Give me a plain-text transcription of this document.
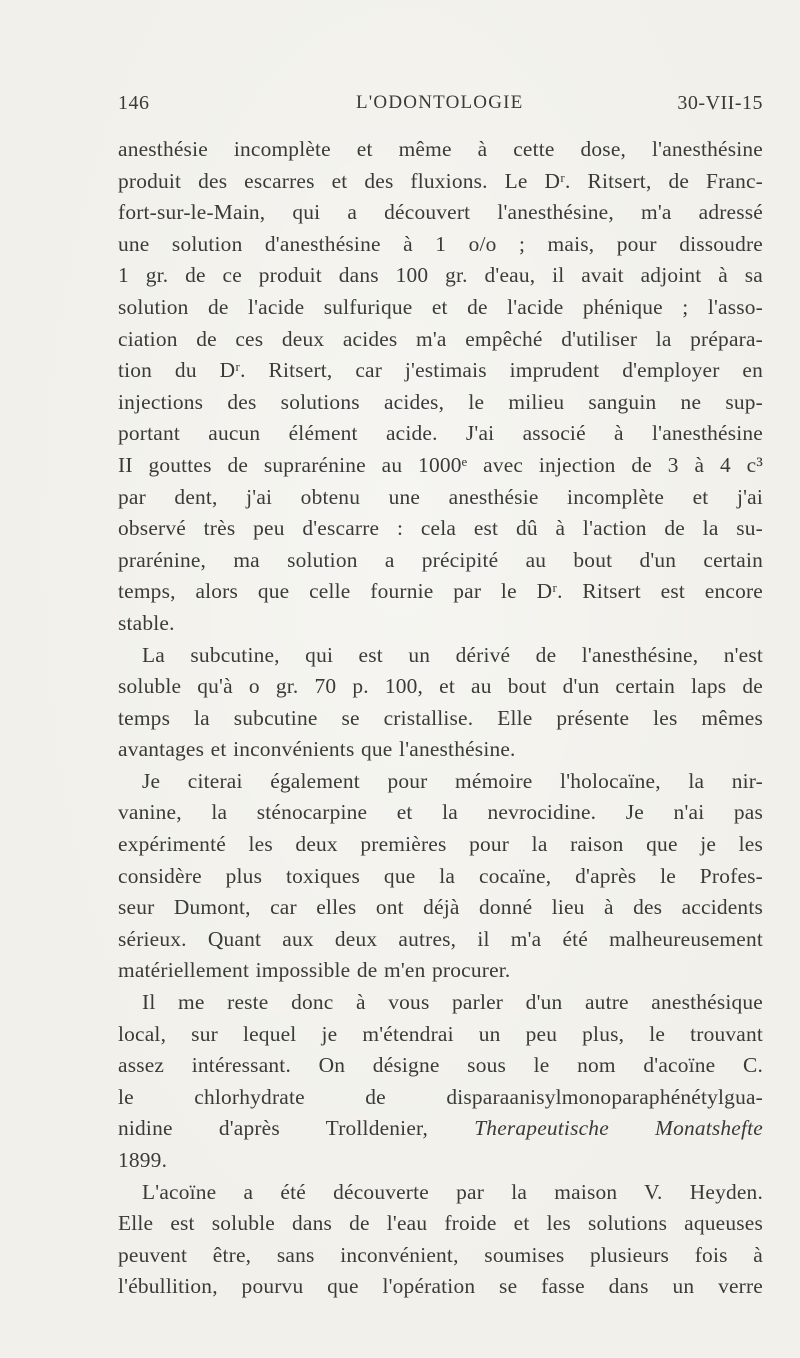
146	L'ODONTOLOGIE	30-VII-15
anesthésie incomplète et même à cette dose, l'anesthésine
produit des escarres et des fluxions. Le Dʳ. Ritsert, de Franc-
fort-sur-le-Main, qui a découvert l'anesthésine, m'a adressé
une solution d'anesthésine à 1 o/o ; mais, pour dissoudre
1 gr. de ce produit dans 100 gr. d'eau, il avait adjoint à sa
solution de l'acide sulfurique et de l'acide phénique ; l'asso-
ciation de ces deux acides m'a empêché d'utiliser la prépara-
tion du Dʳ. Ritsert, car j'estimais imprudent d'employer en
injections des solutions acides, le milieu sanguin ne sup-
portant aucun élément acide. J'ai associé à l'anesthésine
II gouttes de suprarénine au 1000ᵉ avec injection de 3 à 4 c³
par dent, j'ai obtenu une anesthésie incomplète et j'ai
observé très peu d'escarre : cela est dû à l'action de la su-
prarénine, ma solution a précipité au bout d'un certain
temps, alors que celle fournie par le Dʳ. Ritsert est encore
stable.
La subcutine, qui est un dérivé de l'anesthésine, n'est
soluble qu'à o gr. 70 p. 100, et au bout d'un certain laps de
temps la subcutine se cristallise. Elle présente les mêmes
avantages et inconvénients que l'anesthésine.
Je citerai également pour mémoire l'holocaïne, la nir-
vanine, la sténocarpine et la nevrocidine. Je n'ai pas
expérimenté les deux premières pour la raison que je les
considère plus toxiques que la cocaïne, d'après le Profes-
seur Dumont, car elles ont déjà donné lieu à des accidents
sérieux. Quant aux deux autres, il m'a été malheureusement
matériellement impossible de m'en procurer.
Il me reste donc à vous parler d'un autre anesthésique
local, sur lequel je m'étendrai un peu plus, le trouvant
assez intéressant. On désigne sous le nom d'acoïne C.
le chlorhydrate de disparaanisylmonoparaphénétylgua-
nidine d'après Trolldenier, Therapeutische Monatshefte
1899.
L'acoïne a été découverte par la maison V. Heyden.
Elle est soluble dans de l'eau froide et les solutions aqueuses
peuvent être, sans inconvénient, soumises plusieurs fois à
l'ébullition, pourvu que l'opération se fasse dans un verre
